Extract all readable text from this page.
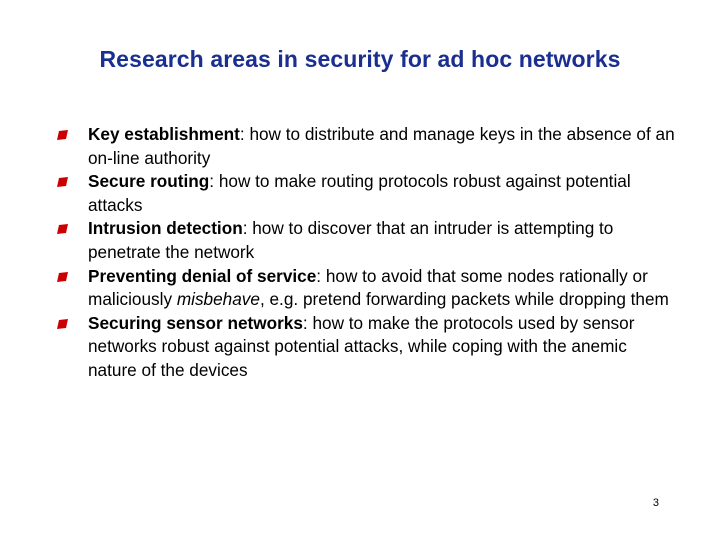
Research areas in security for ad hoc networks
Key establishment: how to distribute and manage keys in the absence of an on-line authority
Secure routing: how to make routing protocols robust against potential attacks
Intrusion detection: how to discover that an intruder is attempting to penetrate the network
Preventing denial of service: how to avoid that some nodes rationally or maliciously misbehave, e.g. pretend forwarding packets while dropping them
Securing sensor networks: how to make the protocols used by sensor networks robust against potential attacks, while coping with the anemic nature of the devices
3
